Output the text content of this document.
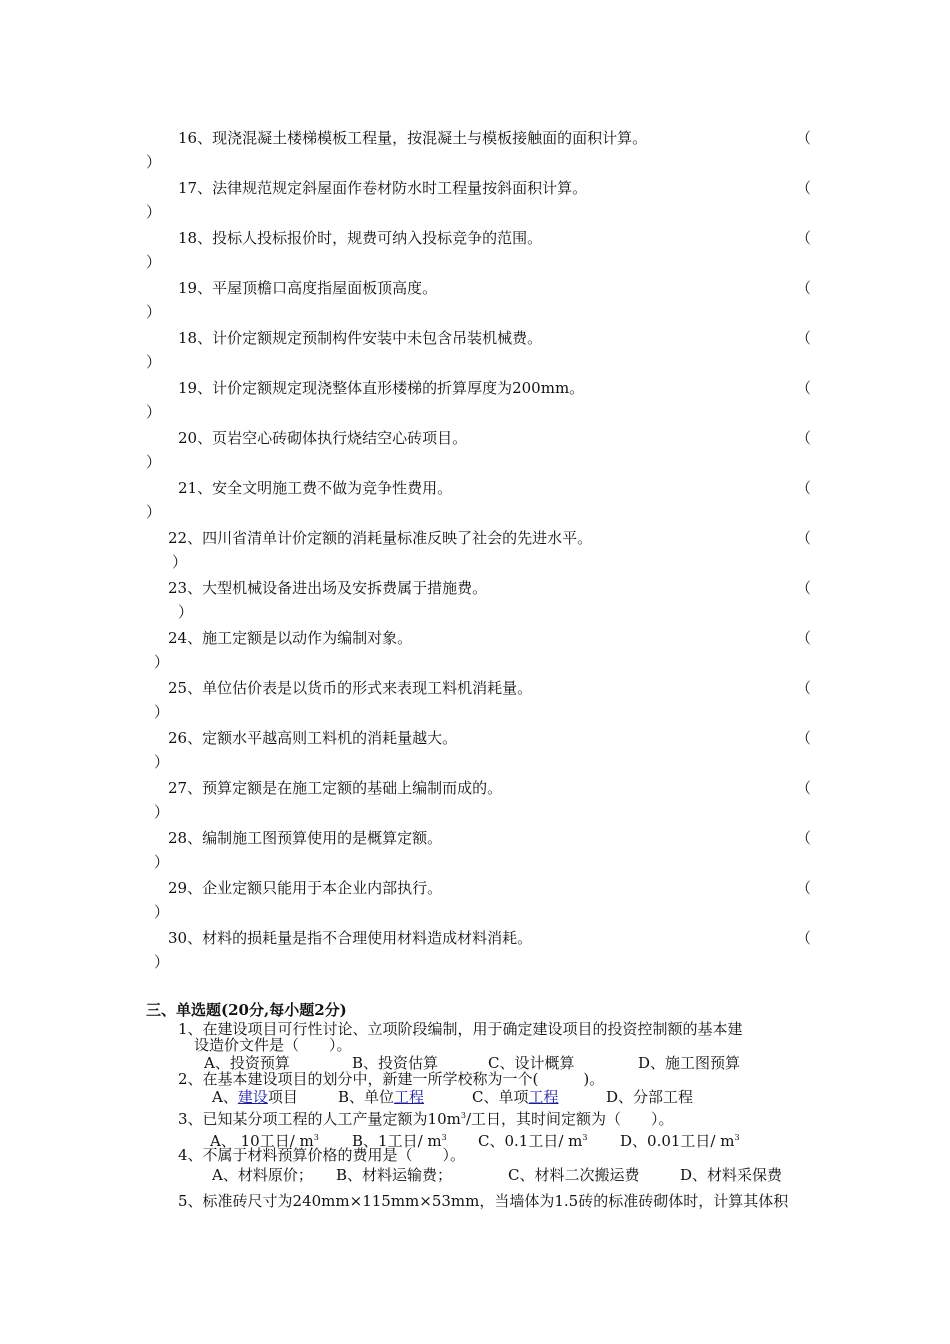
16、现浇混凝土楼梯模板工程量，按混凝土与模板接触面的面积计算。	（
）
17、法律规范规定斜屋面作卷材防水时工程量按斜面积计算。	（
）
18、投标人投标报价时，规费可纳入投标竞争的范围。	（
）
19、平屋顶檐口高度指屋面板顶高度。	（
）
18、计价定额规定预制构件安装中未包含吊装机械费。	（
）
19、计价定额规定现浇整体直形楼梯的折算厚度为200mm。	（
）
20、页岩空心砖砌体执行烧结空心砖项目。	（
）
21、安全文明施工费不做为竞争性费用。	（
）
22、四川省清单计价定额的消耗量标准反映了社会的先进水平。	（
）
23、大型机械设备进出场及安拆费属于措施费。	（
）
24、施工定额是以动作为编制对象。	（
）
25、单位估价表是以货币的形式来表现工料机消耗量。	（
）
26、定额水平越高则工料机的消耗量越大。	（
）
27、预算定额是在施工定额的基础上编制而成的。	（
）
28、编制施工图预算使用的是概算定额。	（
）
29、企业定额只能用于本企业内部执行。	（
）
30、材料的损耗量是指不合理使用材料造成材料消耗。	（
）
三、单选题(20分,每小题2分)
1、在建设项目可行性讨论、立项阶段编制，用于确定建设项目的投资控制额的基本建
设造价文件是（　　）。
A、投资预算	B、投资估算	C、设计概算	D、施工图预算
2、在基本建设项目的划分中，新建一所学校称为一个(　　　)。
A、建设项目	B、单位工程	C、单项工程	D、分部工程
3、已知某分项工程的人工产量定额为$10m^3/$工日，其时间定额为（　　）。
A、 10工日/ $m^3$ B、1工日/ $m^3$ C、0.1工日/ $m^3$ D、0.01工日/ $m^3$
4、不属于材料预算价格的费用是（　　）。
A、材料原价； B、材料运输费；	C、材料二次搬运费	D、材料采保费
5、标准砖尺寸为240mm×115mm×53mm，当墙体为1.5砖的标准砖砌体时，计算其体积
